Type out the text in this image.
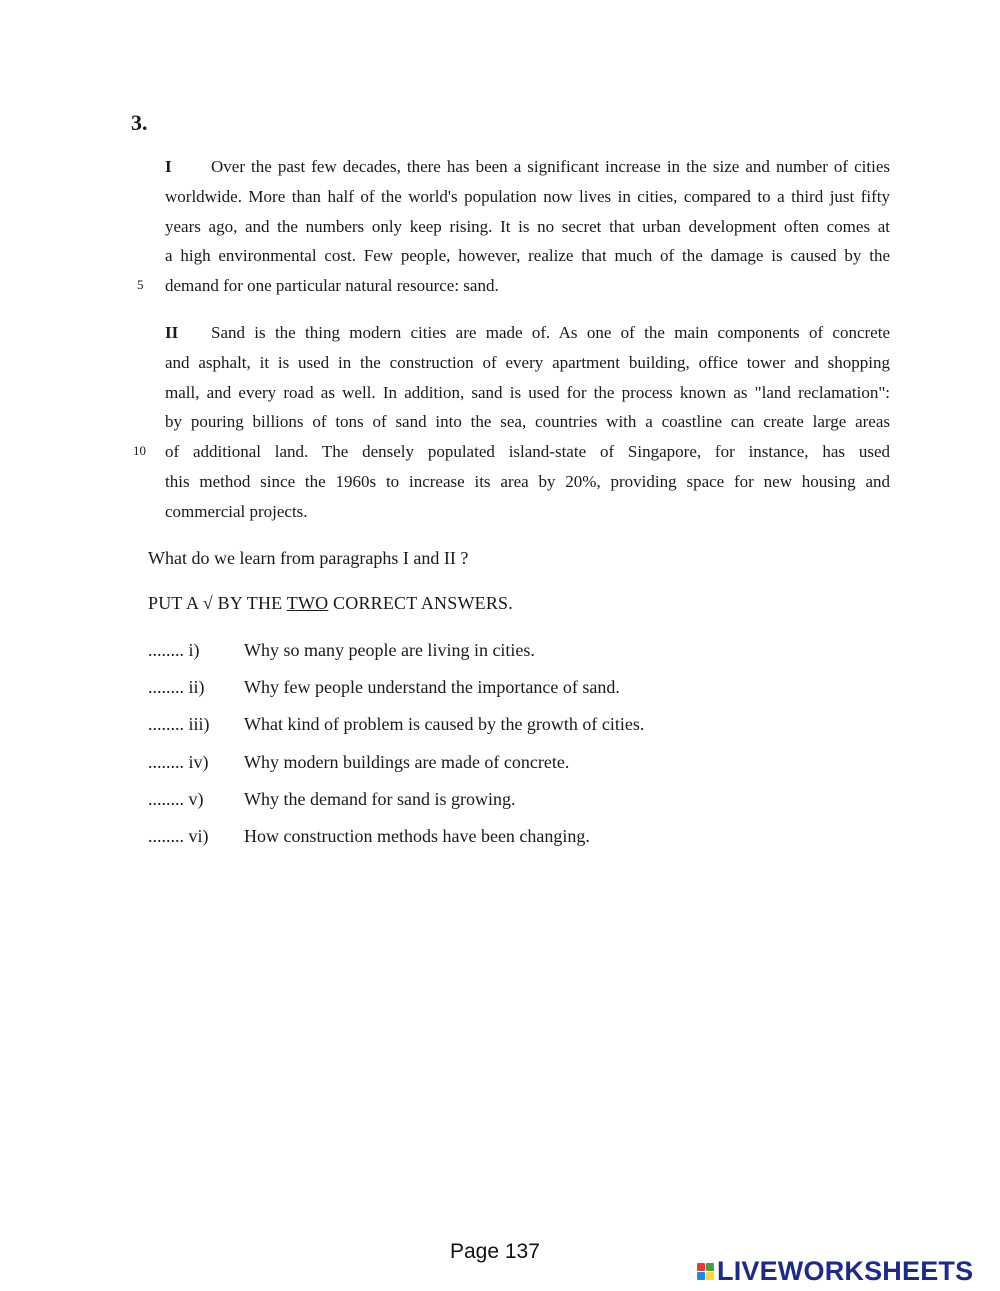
3.
I Over the past few decades, there has been a significant increase in the size and number of cities
worldwide. More than half of the world's population now lives in cities, compared to a third just fifty
years ago, and the numbers only keep rising. It is no secret that urban development often comes at
a high environmental cost. Few people, however, realize that much of the damage is caused by the
demand for one particular natural resource: sand.
5
II Sand is the thing modern cities are made of. As one of the main components of concrete
and asphalt, it is used in the construction of every apartment building, office tower and shopping
mall, and every road as well. In addition, sand is used for the process known as "land reclamation":
by pouring billions of tons of sand into the sea, countries with a coastline can create large areas
of additional land. The densely populated island-state of Singapore, for instance, has used
this method since the 1960s to increase its area by 20%, providing space for new housing and
commercial projects.
10
What do we learn from paragraphs I and II ?
PUT A √ BY THE TWO CORRECT ANSWERS.
........ i) Why so many people are living in cities.
........ ii) Why few people understand the importance of sand.
........ iii) What kind of problem is caused by the growth of cities.
........ iv) Why modern buildings are made of concrete.
........ v) Why the demand for sand is growing.
........ vi) How construction methods have been changing.
Page 137
LIVEWORKSHEETS
